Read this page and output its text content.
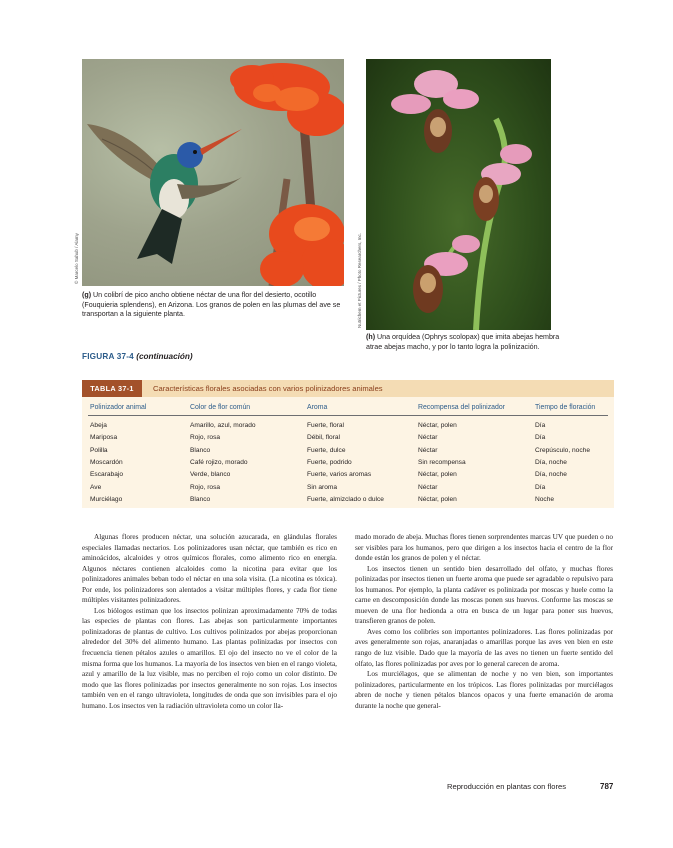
© Marcelo Sahub / Alamy
(g) Un colibrí de pico ancho obtiene néctar de una flor del desierto, ocotillo (Fouquieria splendens), en Arizona. Los granos de polen en las plumas del ave se transportan a la siguiente planta.	Nutrichem et Pictures / Photo Researchers, Inc.
(h) Una orquídea (Ophrys scolopax) que imita abejas hembra atrae abejas macho, y por lo tanto logra la polinización.
FIGURA 37-4 (continuación)
TABLA 37-1	Características florales asociadas con varios polinizadores animales
Polinizador animal	Color de flor común	Aroma	Recompensa del polinizador	Tiempo de floración
Abeja	Amarillo, azul, morado	Fuerte, floral	Néctar, polen	Día
Mariposa	Rojo, rosa	Débil, floral	Néctar	Día
Polilla	Blanco	Fuerte, dulce	Néctar	Crepúsculo, noche
Moscardón	Café rojizo, morado	Fuerte, podrido	Sin recompensa	Día, noche
Escarabajo	Verde, blanco	Fuerte, varios aromas	Néctar, polen	Día, noche
Ave	Rojo, rosa	Sin aroma	Néctar	Día
Murciélago	Blanco	Fuerte, almizclado o dulce	Néctar, polen	Noche

Algunas flores producen néctar, una solución azucarada, en glándulas florales especiales llamadas nectarios. Los polinizadores usan néctar, que también es rico en aminoácidos, alcaloides y otros químicos florales, como alimento rico en energía. Algunos néctares contienen alcaloides como la nicotina para evitar que los polinizadores animales beban todo el néctar en una sola visita. (La nicotina es tóxica). Por ende, los polinizadores son alentados a visitar múltiples flores, y cada flor tiene múltiples visitantes polinizadores.

Los biólogos estiman que los insectos polinizan aproximadamente 70% de todas las especies de plantas con flores. Las abejas son particularmente importantes polinizadoras de plantas de cultivo. Los cultivos polinizados por abejas proporcionan alrededor del 30% del alimento humano. Las plantas polinizadas por insectos con frecuencia tienen pétalos azules o amarillos. El ojo del insecto no ve el color de la misma forma que los humanos. La mayoría de los insectos ven bien en el rango violeta, azul y amarillo de la luz visible, mas no perciben el rojo como un color distinto. De modo que las flores polinizadas por insectos generalmente no son rojas. Los insectos también ven en el rango ultravioleta, longitudes de onda que son invisibles para el ojo humano. Los insectos ven la radiación ultravioleta como un color lla-

mado morado de abeja. Muchas flores tienen sorprendentes marcas UV que pueden o no ser visibles para los humanos, pero que dirigen a los insectos hacia el centro de la flor donde están los granos de polen y el néctar.

Los insectos tienen un sentido bien desarrollado del olfato, y muchas flores polinizadas por insectos tienen un fuerte aroma que puede ser agradable o repulsivo para los humanos. Por ejemplo, la planta cadáver es polinizada por moscas y huele como la carne en descomposición donde las moscas ponen sus huevos. Conforme las moscas se mueven de una flor hedionda a otra en busca de un lugar para poner sus huevos, transfieren granos de polen.

Aves como los colibríes son importantes polinizadores. Las flores polinizadas por aves generalmente son rojas, anaranjadas o amarillas porque las aves ven bien en este rango de luz visible. Dado que la mayoría de las aves no tienen un fuerte sentido del olfato, las flores polinizadas por aves por lo general carecen de aroma.

Los murciélagos, que se alimentan de noche y no ven bien, son importantes polinizadores, particularmente en los trópicos. Las flores polinizadas por murciélagos abren de noche y tienen pétalos blancos opacos y una fuerte emanación de aroma durante la noche que general-

Reproducción en plantas con flores	787
